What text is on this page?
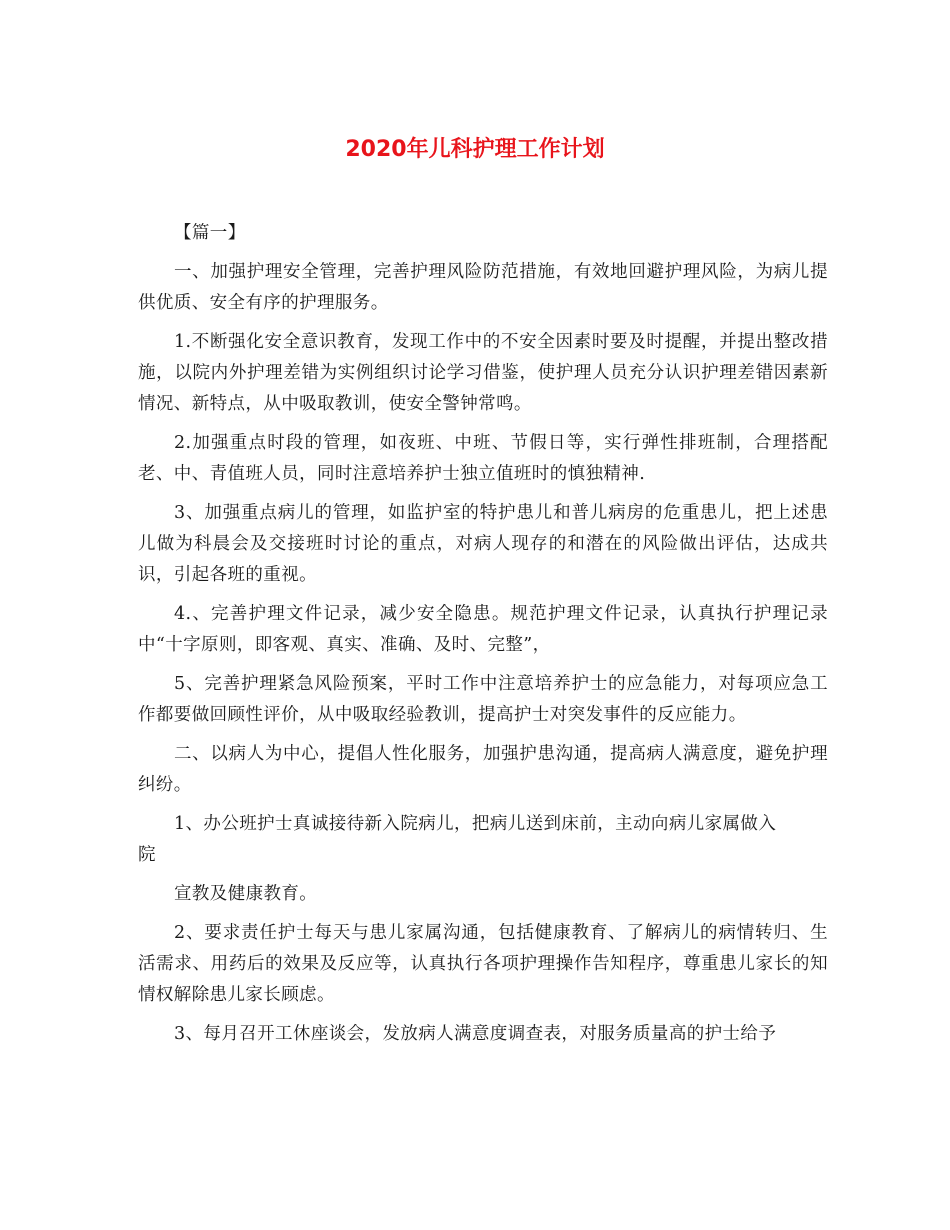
2020年儿科护理工作计划

【篇一】

一、加强护理安全管理，完善护理风险防范措施，有效地回避护理风险，为病儿提供优质、安全有序的护理服务。

1.不断强化安全意识教育，发现工作中的不安全因素时要及时提醒，并提出整改措施，以院内外护理差错为实例组织讨论学习借鉴，使护理人员充分认识护理差错因素新情况、新特点，从中吸取教训，使安全警钟常鸣。

2.加强重点时段的管理，如夜班、中班、节假日等，实行弹性排班制，合理搭配老、中、青值班人员，同时注意培养护士独立值班时的慎独精神.

3、加强重点病儿的管理，如监护室的特护患儿和普儿病房的危重患儿，把上述患儿做为科晨会及交接班时讨论的重点，对病人现存的和潜在的风险做出评估，达成共识，引起各班的重视。

4.、完善护理文件记录，减少安全隐患。规范护理文件记录，认真执行护理记录中“十字原则，即客观、真实、准确、及时、完整”，

5、完善护理紧急风险预案，平时工作中注意培养护士的应急能力，对每项应急工作都要做回顾性评价，从中吸取经验教训，提高护士对突发事件的反应能力。

二、以病人为中心，提倡人性化服务，加强护患沟通，提高病人满意度，避免护理纠纷。

1、办公班护士真诚接待新入院病儿，把病儿送到床前，主动向病儿家属做入
院

宣教及健康教育。

2、要求责任护士每天与患儿家属沟通，包括健康教育、了解病儿的病情转归、生活需求、用药后的效果及反应等，认真执行各项护理操作告知程序，尊重患儿家长的知情权解除患儿家长顾虑。

3、每月召开工休座谈会，发放病人满意度调查表，对服务质量高的护士给予
